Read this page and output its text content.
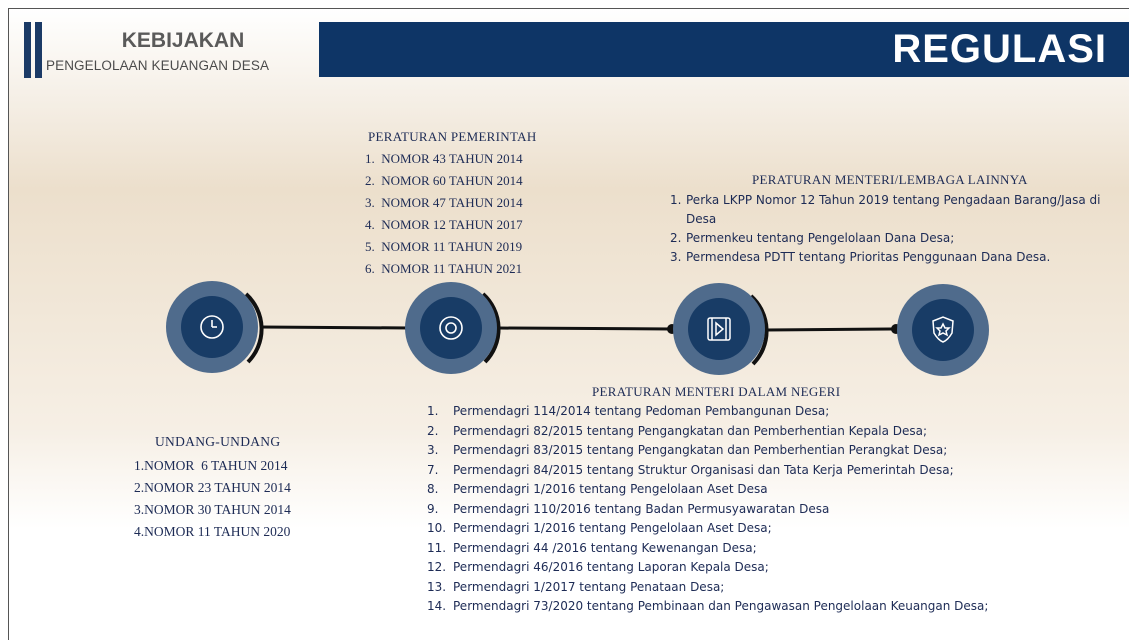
KEBIJAKAN
PENGELOLAAN KEUANGAN DESA	REGULASI
PERATURAN PEMERINTAH
1. NOMOR 43 TAHUN 2014
2. NOMOR 60 TAHUN 2014
3. NOMOR 47 TAHUN 2014
4. NOMOR 12 TAHUN 2017
5. NOMOR 11 TAHUN 2019
6. NOMOR 11 TAHUN 2021
PERATURAN MENTERI/LEMBAGA LAINNYA
1. Perka LKPP Nomor 12 Tahun 2019 tentang Pengadaan Barang/Jasa di Desa
2. Permenkeu tentang Pengelolaan Dana Desa;
3. Permendesa PDTT tentang Prioritas Penggunaan Dana Desa.
UNDANG-UNDANG
1.NOMOR  6 TAHUN 2014
2.NOMOR 23 TAHUN 2014
3.NOMOR 30 TAHUN 2014
4.NOMOR 11 TAHUN 2020
PERATURAN MENTERI DALAM NEGERI
1.	Permendagri 114/2014 tentang Pedoman Pembangunan Desa;
2.	Permendagri 82/2015 tentang Pengangkatan dan Pemberhentian Kepala Desa;
3.	Permendagri 83/2015 tentang Pengangkatan dan Pemberhentian Perangkat Desa;
7.	Permendagri 84/2015 tentang Struktur Organisasi dan Tata Kerja Pemerintah Desa;
8.	Permendagri 1/2016 tentang Pengelolaan Aset Desa
9.	Permendagri 110/2016 tentang Badan Permusyawaratan Desa
10. Permendagri 1/2016 tentang Pengelolaan Aset Desa;
11. Permendagri 44 /2016 tentang Kewenangan Desa;
12. Permendagri 46/2016 tentang Laporan Kepala Desa;
13. Permendagri 1/2017 tentang Penataan Desa;
14. Permendagri 73/2020 tentang Pembinaan dan Pengawasan Pengelolaan Keuangan Desa;
